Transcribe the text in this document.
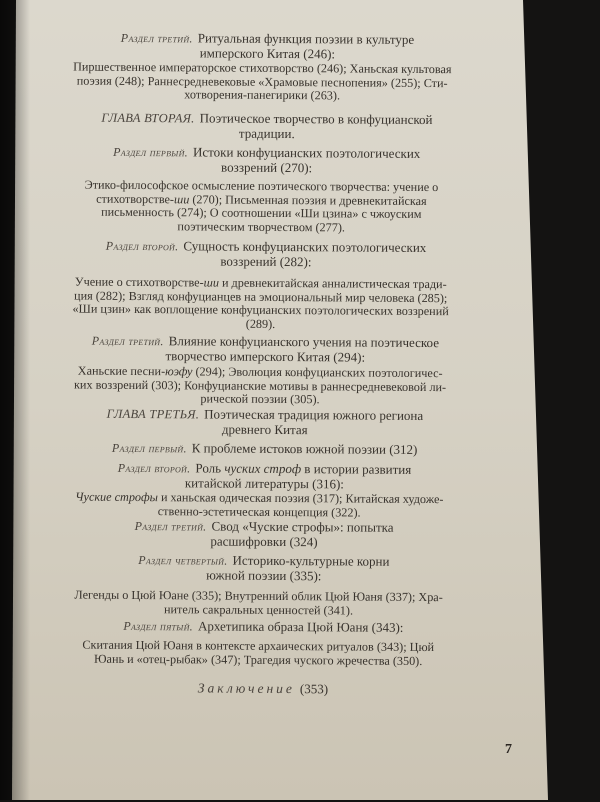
Раздел третий. Ритуальная функция поэзии в культуре
имперского Китая (246):
Пиршественное императорское стихотворство (246); Ханьская культовая
поэзия (248); Раннесредневековые «Храмовые песнопения» (255); Сти-
хотворения-панегирики (263).
ГЛАВА ВТОРАЯ. Поэтическое творчество в конфуцианской
традиции.
Раздел первый. Истоки конфуцианских поэтологических
воззрений (270):
Этико-философское осмысление поэтического творчества: учение о
стихотворстве-ши (270); Письменная поэзия и древнекитайская
письменность (274); О соотношении «Ши цзина» с чжоуским
поэтическим творчеством (277).
Раздел второй. Сущность конфуцианских поэтологических
воззрений (282):
Учение о стихотворстве-ши и древнекитайская анналистическая тради-
ция (282); Взгляд конфуцианцев на эмоциональный мир человека (285);
«Ши цзин» как воплощение конфуцианских поэтологических воззрений
(289).
Раздел третий. Влияние конфуцианского учения на поэтическое
творчество имперского Китая (294):
Ханьские песни-юэфу (294); Эволюция конфуцианских поэтологичес-
ких воззрений (303); Конфуцианские мотивы в раннесредневековой ли-
рической поэзии (305).
ГЛАВА ТРЕТЬЯ. Поэтическая традиция южного региона
древнего Китая
Раздел первый. К проблеме истоков южной поэзии (312)
Раздел второй. Роль чуских строф в истории развития
китайской литературы (316):
Чуские строфы и ханьская одическая поэзия (317); Китайская художе-
ственно-эстетическая концепция (322).
Раздел третий. Свод «Чуские строфы»: попытка
расшифровки (324)
Раздел четвертый. Историко-культурные корни
южной поэзии (335):
Легенды о Цюй Юане (335); Внутренний облик Цюй Юаня (337); Хра-
нитель сакральных ценностей (341).
Раздел пятый. Архетипика образа Цюй Юаня (343):
Скитания Цюй Юаня в контексте архаических ритуалов (343); Цюй
Юань и «отец-рыбак» (347); Трагедия чуского жречества (350).
Заключение (353)
7
